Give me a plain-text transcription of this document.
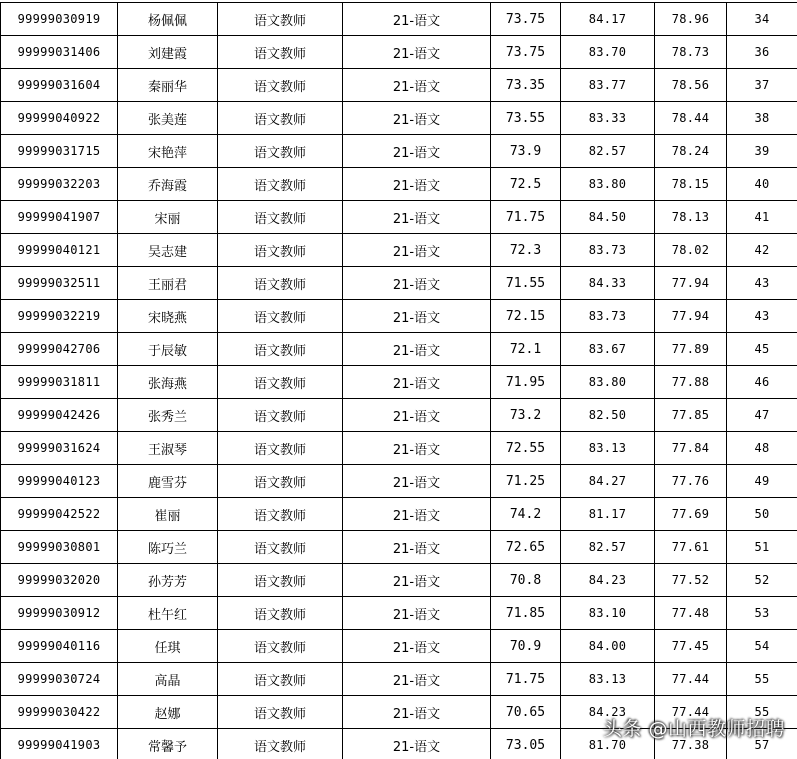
99999030919	杨佩佩	语文教师	21-语文	73.75	84.17	78.96	34
99999031406	刘建霞	语文教师	21-语文	73.75	83.70	78.73	36
99999031604	秦丽华	语文教师	21-语文	73.35	83.77	78.56	37
99999040922	张美莲	语文教师	21-语文	73.55	83.33	78.44	38
99999031715	宋艳萍	语文教师	21-语文	73.9	82.57	78.24	39
99999032203	乔海霞	语文教师	21-语文	72.5	83.80	78.15	40
99999041907	宋丽	语文教师	21-语文	71.75	84.50	78.13	41
99999040121	吴志建	语文教师	21-语文	72.3	83.73	78.02	42
99999032511	王丽君	语文教师	21-语文	71.55	84.33	77.94	43
99999032219	宋晓燕	语文教师	21-语文	72.15	83.73	77.94	43
99999042706	于辰敏	语文教师	21-语文	72.1	83.67	77.89	45
99999031811	张海燕	语文教师	21-语文	71.95	83.80	77.88	46
99999042426	张秀兰	语文教师	21-语文	73.2	82.50	77.85	47
99999031624	王淑琴	语文教师	21-语文	72.55	83.13	77.84	48
99999040123	鹿雪芬	语文教师	21-语文	71.25	84.27	77.76	49
99999042522	崔丽	语文教师	21-语文	74.2	81.17	77.69	50
99999030801	陈巧兰	语文教师	21-语文	72.65	82.57	77.61	51
99999032020	孙芳芳	语文教师	21-语文	70.8	84.23	77.52	52
99999030912	杜午红	语文教师	21-语文	71.85	83.10	77.48	53
99999040116	任琪	语文教师	21-语文	70.9	84.00	77.45	54
99999030724	高晶	语文教师	21-语文	71.75	83.13	77.44	55
99999030422	赵娜	语文教师	21-语文	70.65	84.23	77.44	55
99999041903	常馨予	语文教师	21-语文	73.05	81.70	77.38	57
头条 @山西教师招聘
